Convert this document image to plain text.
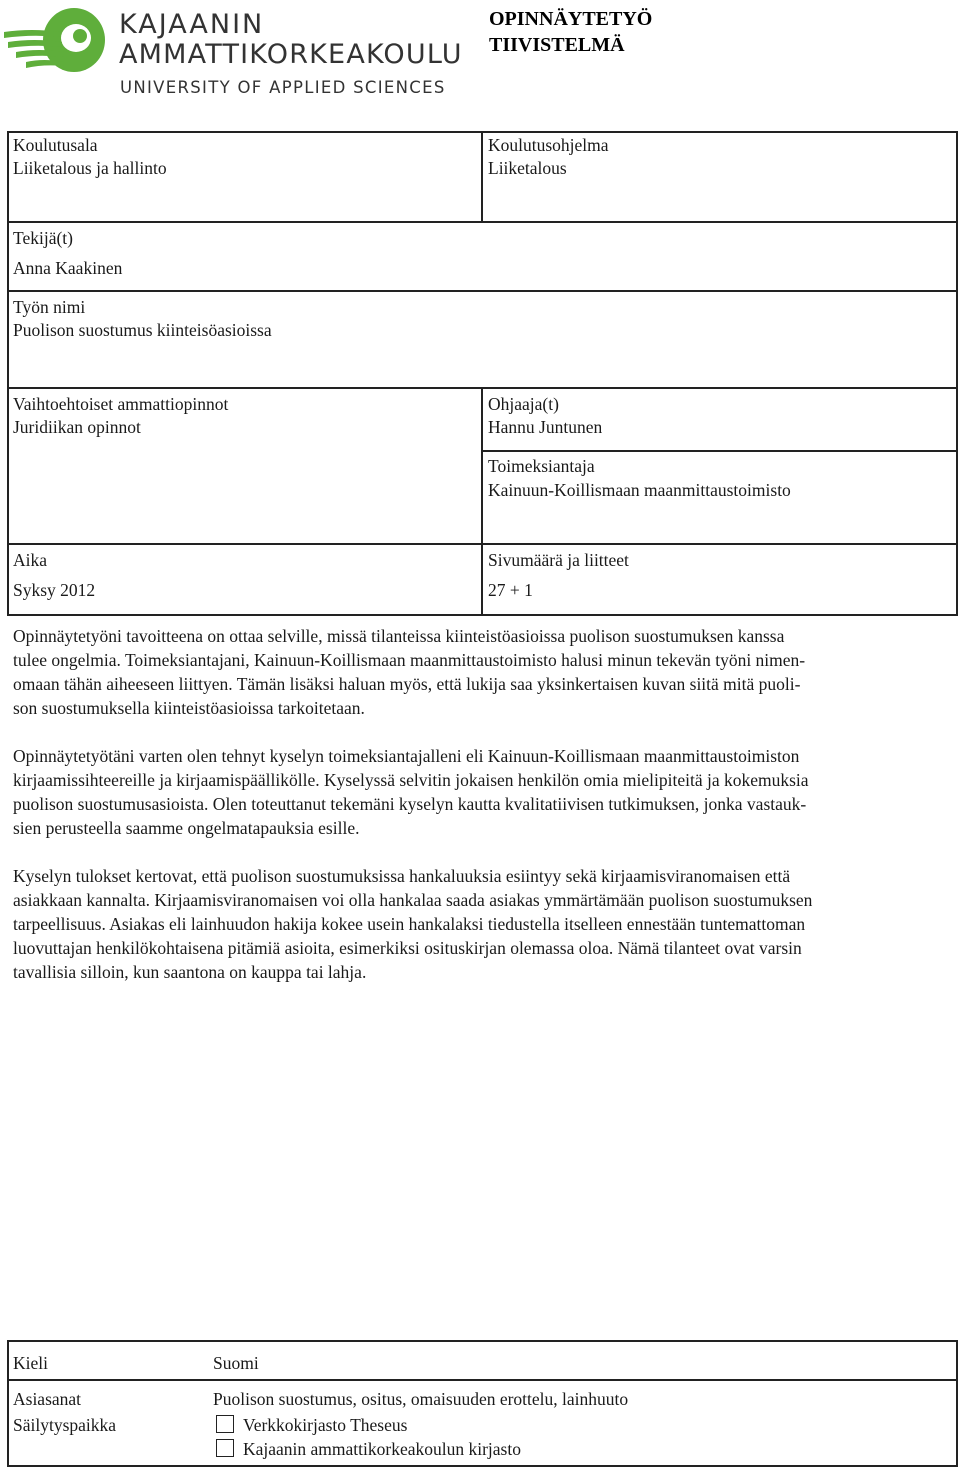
KAJAANIN
AMMATTIKORKEAKOULU
UNIVERSITY OF APPLIED SCIENCES
OPINNÄYTETYÖ
TIIVISTELMÄ
Koulutusala
Liiketalous ja hallinto
Koulutusohjelma
Liiketalous
Tekijä(t)
Anna Kaakinen
Työn nimi
Puolison suostumus kiinteisöasioissa
Vaihtoehtoiset ammattiopinnot
Juridiikan opinnot
Ohjaaja(t)
Hannu Juntunen
Toimeksiantaja
Kainuun-Koillismaan maanmittaustoimisto
Aika
Syksy 2012
Sivumäärä ja liitteet
27 + 1

Opinnäytetyöni tavoitteena on ottaa selville, missä tilanteissa kiinteistöasioissa puolison suostumuksen kanssa
tulee ongelmia. Toimeksiantajani, Kainuun-Koillismaan maanmittaustoimisto halusi minun tekevän työni nimen-
omaan tähän aiheeseen liittyen. Tämän lisäksi haluan myös, että lukija saa yksinkertaisen kuvan siitä mitä puoli-
son suostumuksella kiinteistöasioissa tarkoitetaan.

Opinnäytetyötäni varten olen tehnyt kyselyn toimeksiantajalleni eli Kainuun-Koillismaan maanmittaustoimiston
kirjaamissihteereille ja kirjaamispäällikölle. Kyselyssä selvitin jokaisen henkilön omia mielipiteitä ja kokemuksia
puolison suostumusasioista. Olen toteuttanut tekemäni kyselyn kautta kvalitatiivisen tutkimuksen, jonka vastauk-
sien perusteella saamme ongelmatapauksia esille.

Kyselyn tulokset kertovat, että puolison suostumuksissa hankaluuksia esiintyy sekä kirjaamisviranomaisen että
asiakkaan kannalta. Kirjaamisviranomaisen voi olla hankalaa saada asiakas ymmärtämään puolison suostumuksen
tarpeellisuus. Asiakas eli lainhuudon hakija kokee usein hankalaksi tiedustella itselleen ennestään tuntemattoman
luovuttajan henkilökohtaisena pitämiä asioita, esimerkiksi osituskirjan olemassa oloa. Nämä tilanteet ovat varsin
tavallisia silloin, kun saantona on kauppa tai lahja.

Kieli	Suomi
Asiasanat	Puolison suostumus, ositus, omaisuuden erottelu, lainhuuto
Säilytyspaikka	Verkkokirjasto Theseus
Kajaanin ammattikorkeakoulun kirjasto
